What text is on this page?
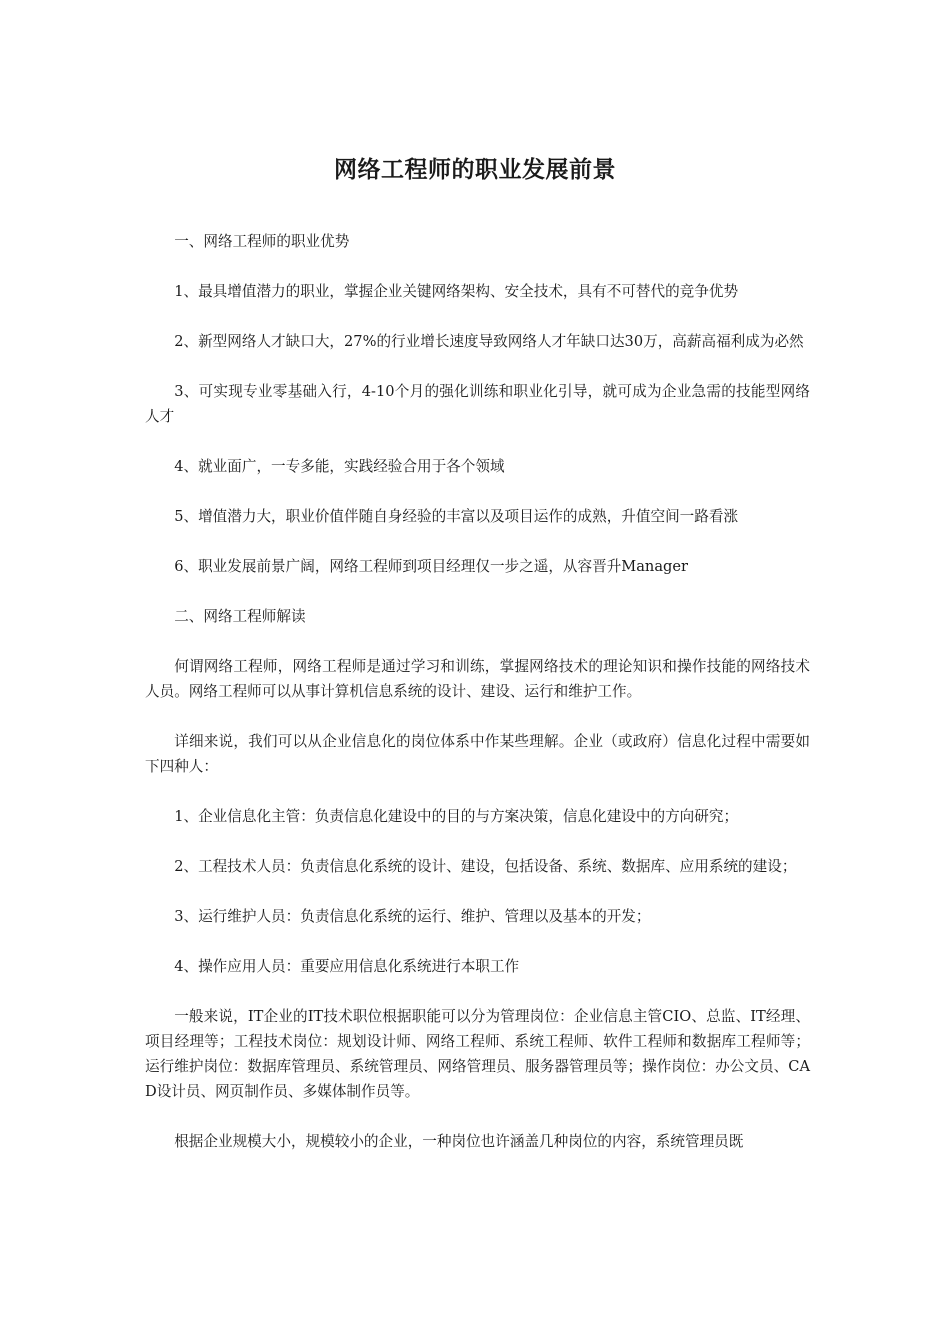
网络工程师的职业发展前景

一、网络工程师的职业优势

1、最具增值潜力的职业，掌握企业关键网络架构、安全技术，具有不可替代的竞争优势

2、新型网络人才缺口大，27%的行业增长速度导致网络人才年缺口达30万，高薪高福利成为必然

3、可实现专业零基础入行，4-10个月的强化训练和职业化引导，就可成为企业急需的技能型网络人才

4、就业面广，一专多能，实践经验合用于各个领域

5、增值潜力大，职业价值伴随自身经验的丰富以及项目运作的成熟，升值空间一路看涨

6、职业发展前景广阔，网络工程师到项目经理仅一步之遥，从容晋升Manager

二、网络工程师解读

何谓网络工程师，网络工程师是通过学习和训练，掌握网络技术的理论知识和操作技能的网络技术人员。网络工程师可以从事计算机信息系统的设计、建设、运行和维护工作。

详细来说，我们可以从企业信息化的岗位体系中作某些理解。企业（或政府）信息化过程中需要如下四种人：

1、企业信息化主管：负责信息化建设中的目的与方案决策，信息化建设中的方向研究；

2、工程技术人员：负责信息化系统的设计、建设，包括设备、系统、数据库、应用系统的建设；

3、运行维护人员：负责信息化系统的运行、维护、管理以及基本的开发；

4、操作应用人员：重要应用信息化系统进行本职工作

一般来说，IT企业的IT技术职位根据职能可以分为管理岗位：企业信息主管CIO、总监、IT经理、项目经理等；工程技术岗位：规划设计师、网络工程师、系统工程师、软件工程师和数据库工程师等；运行维护岗位：数据库管理员、系统管理员、网络管理员、服务器管理员等；操作岗位：办公文员、CAD设计员、网页制作员、多媒体制作员等。

根据企业规模大小，规模较小的企业，一种岗位也许涵盖几种岗位的内容，系统管理员既
